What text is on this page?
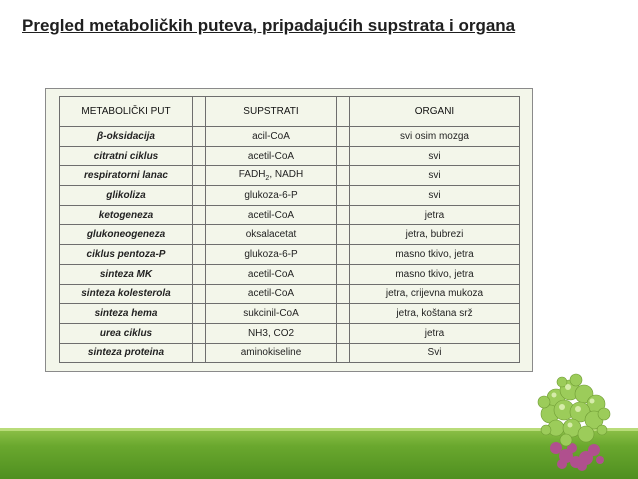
Pregled metaboličkih puteva, pripadajućih supstrata i organa
METABOLIČKI PUT		SUPSTRATI		ORGANI
β-oksidacija		acil-CoA		svi osim mozga
citratni ciklus		acetil-CoA		svi
respiratorni lanac		$FADH_2$, NADH		svi
glikoliza		glukoza-6-P		svi
ketogeneza		acetil-CoA		jetra
glukoneogeneza		oksalacetat		jetra, bubrezi
ciklus pentoza-P		glukoza-6-P		masno tkivo, jetra
sinteza MK		acetil-CoA		masno tkivo, jetra
sinteza kolesterola		acetil-CoA		jetra, crijevna mukoza
sinteza hema		sukcinil-CoA		jetra, koštana srž
urea ciklus		NH3, CO2		jetra
sinteza proteina		aminokiseline		Svi
